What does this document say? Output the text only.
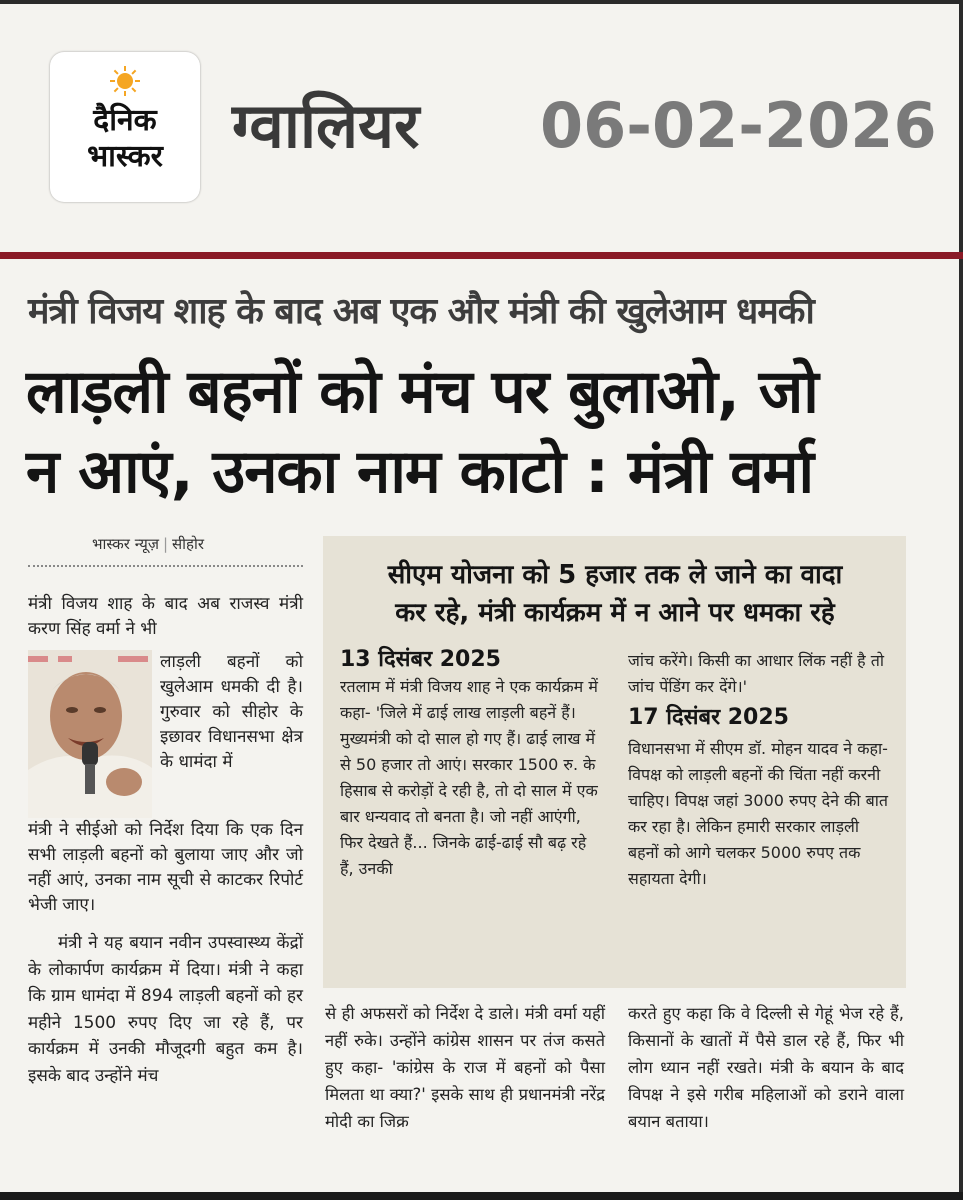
दैनिक
भास्कर	ग्वालियर 06-02-2026
मंत्री विजय शाह के बाद अब एक और मंत्री की खुलेआम धमकी
लाड़ली बहनों को मंच पर बुलाओ, जो
न आएं, उनका नाम काटो : मंत्री वर्मा
भास्कर न्यूज़ | सीहोर
मंत्री विजय शाह के बाद अब राजस्व मंत्री करण सिंह वर्मा ने भी
लाड़ली बहनों को खुलेआम धमकी दी है। गुरुवार को सीहोर के इछावर विधानसभा क्षेत्र के धामंदा में
मंत्री ने सीईओ को निर्देश दिया कि एक दिन सभी लाड़ली बहनों को बुलाया जाए और जो नहीं आएं, उनका नाम सूची से काटकर रिपोर्ट भेजी जाए।
मंत्री ने यह बयान नवीन उपस्वास्थ्य केंद्रों के लोकार्पण कार्यक्रम में दिया। मंत्री ने कहा कि ग्राम धामंदा में 894 लाड़ली बहनों को हर महीने 1500 रुपए दिए जा रहे हैं, पर कार्यक्रम में उनकी मौजूदगी बहुत कम है। इसके बाद उन्होंने मंच
सीएम योजना को 5 हजार तक ले जाने का वादा
कर रहे, मंत्री कार्यक्रम में न आने पर धमका रहे
13 दिसंबर 2025
रतलाम में मंत्री विजय शाह ने एक कार्यक्रम में कहा- 'जिले में ढाई लाख लाड़ली बहनें हैं। मुख्यमंत्री को दो साल हो गए हैं। ढाई लाख में से 50 हजार तो आएं। सरकार 1500 रु. के हिसाब से करोड़ों दे रही है, तो दो साल में एक बार धन्यवाद तो बनता है। जो नहीं आएंगी, फिर देखते हैं... जिनके ढाई-ढाई सौ बढ़ रहे हैं, उनकी
जांच करेंगे। किसी का आधार लिंक नहीं है तो जांच पेंडिंग कर देंगे।'
17 दिसंबर 2025
विधानसभा में सीएम डॉ. मोहन यादव ने कहा- विपक्ष को लाड़ली बहनों की चिंता नहीं करनी चाहिए। विपक्ष जहां 3000 रुपए देने की बात कर रहा है। लेकिन हमारी सरकार लाड़ली बहनों को आगे चलकर 5000 रुपए तक सहायता देगी।
से ही अफसरों को निर्देश दे डाले। मंत्री वर्मा यहीं नहीं रुके। उन्होंने कांग्रेस शासन पर तंज कसते हुए कहा- 'कांग्रेस के राज में बहनों को पैसा मिलता था क्या?' इसके साथ ही प्रधानमंत्री नरेंद्र मोदी का जिक्र
करते हुए कहा कि वे दिल्ली से गेहूं भेज रहे हैं, किसानों के खातों में पैसे डाल रहे हैं, फिर भी लोग ध्यान नहीं रखते। मंत्री के बयान के बाद विपक्ष ने इसे गरीब महिलाओं को डराने वाला बयान बताया।
